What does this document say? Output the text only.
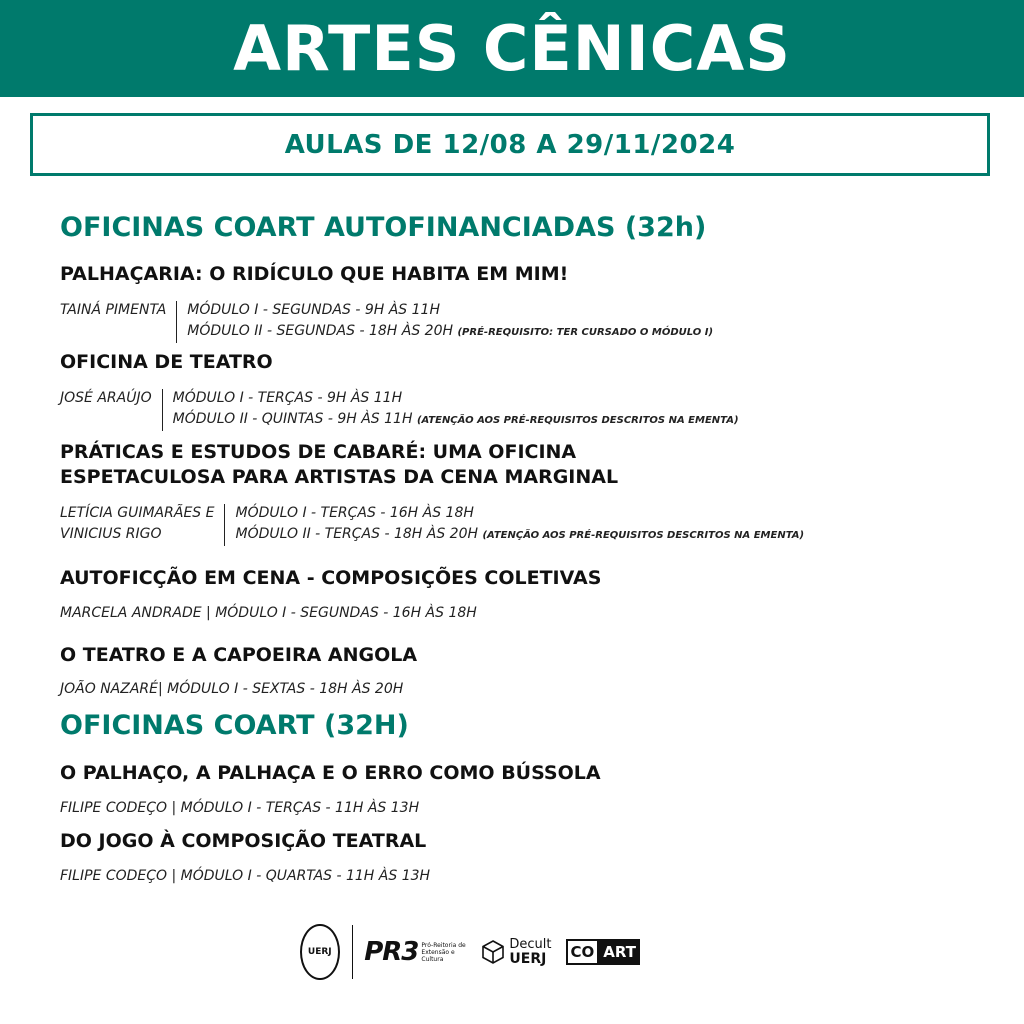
ARTES CÊNICAS
AULAS DE 12/08 A 29/11/2024
OFICINAS COART AUTOFINANCIADAS (32h)
PALHAÇARIA: O RIDÍCULO QUE HABITA EM MIM!
TAINÁ PIMENTA MÓDULO I - SEGUNDAS - 9H ÀS 11H
MÓDULO II - SEGUNDAS - 18H ÀS 20H (PRÉ-REQUISITO: TER CURSADO O MÓDULO I)
OFICINA DE TEATRO
JOSÉ ARAÚJO MÓDULO I - TERÇAS - 9H ÀS 11H
MÓDULO II - QUINTAS - 9H ÀS 11H (ATENÇÃO AOS PRÉ-REQUISITOS DESCRITOS NA EMENTA)
PRÁTICAS E ESTUDOS DE CABARÉ: UMA OFICINA
ESPETACULOSA PARA ARTISTAS DA CENA MARGINAL
LETÍCIA GUIMARÃES E
VINICIUS RIGO
MÓDULO I - TERÇAS - 16H ÀS 18H
MÓDULO II - TERÇAS - 18H ÀS 20H (ATENÇÃO AOS PRÉ-REQUISITOS DESCRITOS NA EMENTA)
AUTOFICÇÃO EM CENA - COMPOSIÇÕES COLETIVAS
MARCELA ANDRADE | MÓDULO I - SEGUNDAS - 16H ÀS 18H
O TEATRO E A CAPOEIRA ANGOLA
JOÃO NAZARÉ| MÓDULO I - SEXTAS - 18H ÀS 20H
OFICINAS COART (32H)
O PALHAÇO, A PALHAÇA E O ERRO COMO BÚSSOLA
FILIPE CODEÇO | MÓDULO I - TERÇAS - 11H ÀS 13H
DO JOGO À COMPOSIÇÃO TEATRAL
FILIPE CODEÇO | MÓDULO I - QUARTAS - 11H ÀS 13H
UERJ PR3 Pró-Reitoria de Extensão e Cultura
Decult
UERJ	CO ART
